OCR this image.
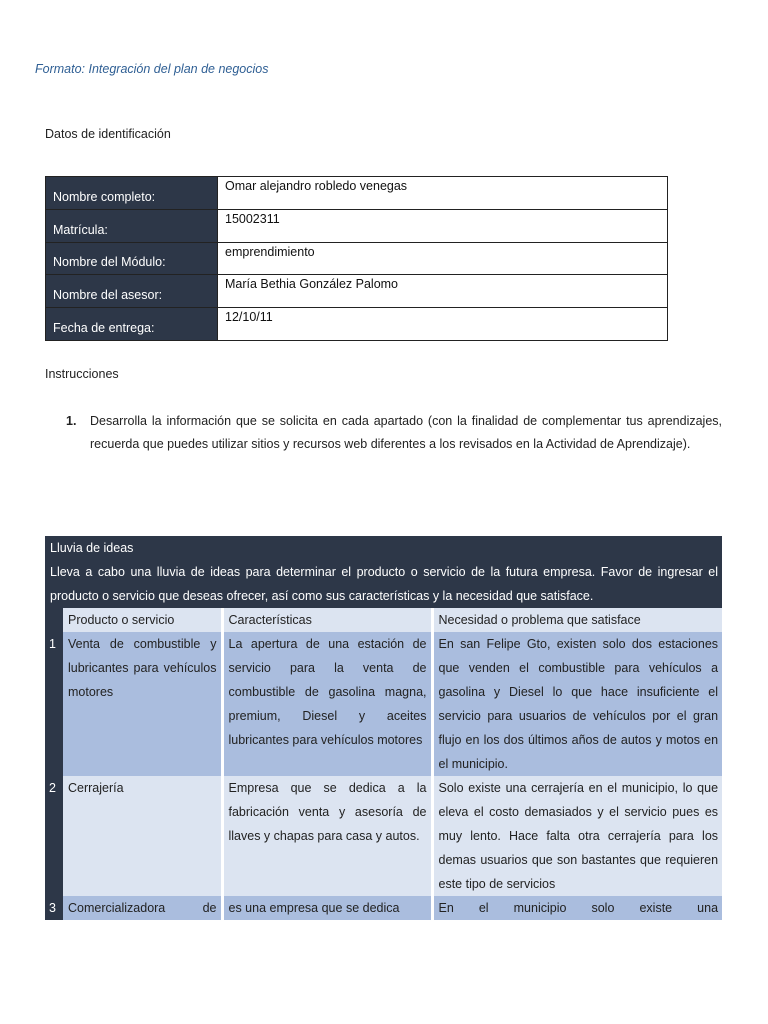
Formato: Integración del plan de negocios
Datos de identificación
Nombre completo:	Omar alejandro robledo venegas
Matrícula:	15002311
Nombre del Módulo:	emprendimiento
Nombre del asesor:	María Bethia González Palomo
Fecha de entrega:	12/10/11
Instrucciones
1.	Desarrolla la información que se solicita en cada apartado (con la finalidad de complementar tus aprendizajes, recuerda que puedes utilizar sitios y recursos web diferentes a los revisados en la Actividad de Aprendizaje).
Lluvia de ideas			
Lleva a cabo una lluvia de ideas para determinar el producto o servicio de la futura empresa. Favor de ingresar el producto o servicio que deseas ofrecer, así como sus características y la necesidad que satisface.			
	Producto o servicio	Características	Necesidad o problema que satisface
1	Venta de combustible y lubricantes para vehículos motores	La apertura de una estación de servicio para la venta de combustible de gasolina magna, premium, Diesel y aceites lubricantes para vehículos motores	En san Felipe Gto, existen solo dos estaciones que venden el combustible para vehículos a gasolina y Diesel lo que hace insuficiente el servicio para usuarios de vehículos por el gran flujo en los dos últimos años de autos y motos en el municipio.
2	Cerrajería	Empresa que se dedica a la fabricación venta y asesoría de llaves y chapas para casa y autos.	Solo existe una cerrajería en el municipio, lo que eleva el costo demasiados y el servicio pues es muy lento. Hace falta otra cerrajería para los demas usuarios que son bastantes que requieren este tipo de servicios
3	Comercializadora de	es una empresa que se dedica	En el municipio solo existe una
